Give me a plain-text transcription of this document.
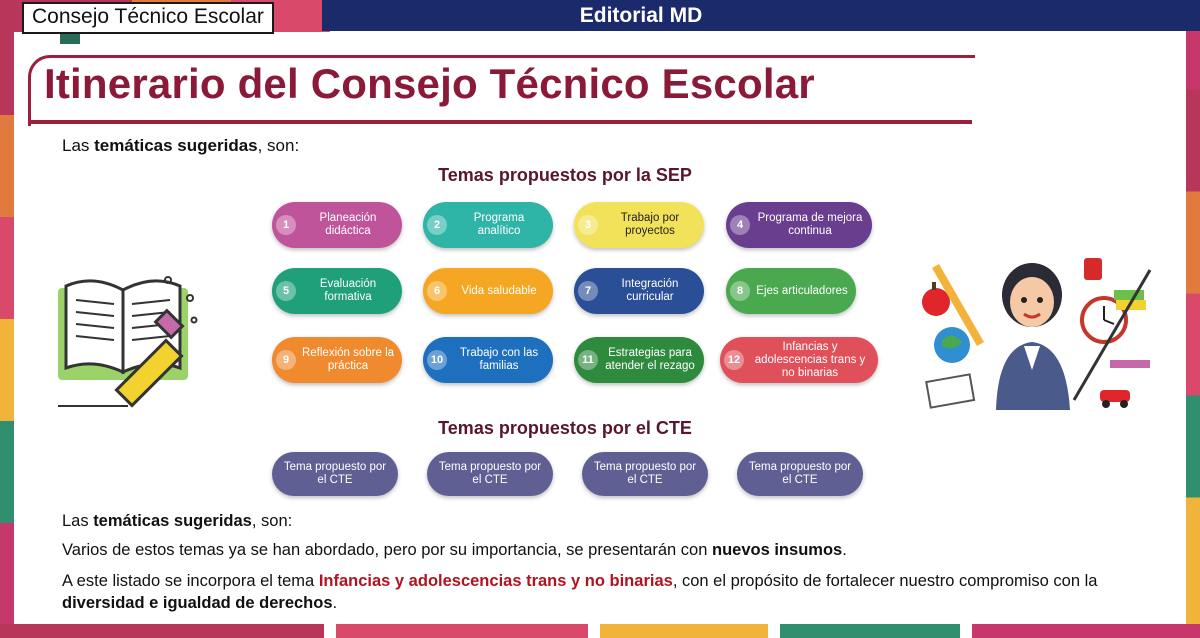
Editorial MD
Consejo Técnico Escolar
Itinerario del Consejo Técnico Escolar
Las temáticas sugeridas, son:
Temas propuestos por la SEP
1
Planeación didáctica	2
Programa analítico	3
Trabajo por proyectos	4
Programa de mejora continua
5
Evaluación formativa	6	Vida saludable	7
Integración curricular	8	Ejes articuladores
9
Reflexión sobre la práctica	10
Trabajo con las familias	11
Estrategias para atender el rezago	12
Infancias y adolescencias trans y no binarias
Temas propuestos por el CTE
Tema propuesto por el CTE
Tema propuesto por el CTE
Tema propuesto por el CTE
Tema propuesto por el CTE
Las temáticas sugeridas, son:
Varios de estos temas ya se han abordado, pero por su importancia, se presentarán con nuevos insumos.
A este listado se incorpora el tema Infancias y adolescencias trans y no binarias, con el propósito de fortalecer nuestro compromiso con la diversidad e igualdad de derechos.
